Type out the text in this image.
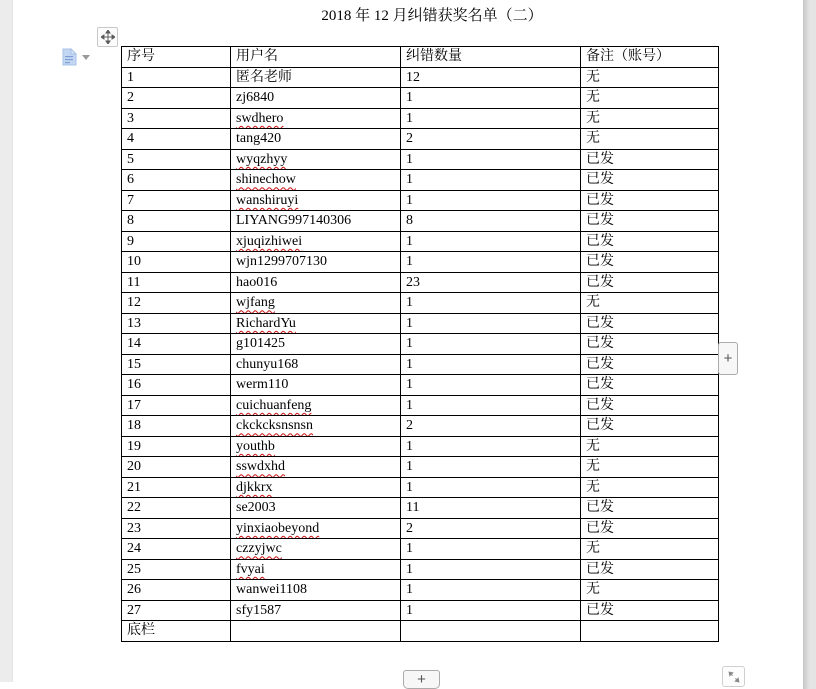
2018 年 12 月纠错获奖名单（二）
序号	用户名	纠错数量	备注（账号）
1	匿名老师	12	无
2	zj6840	1	无
3	swdhero	1	无
4	tang420	2	无
5	wyqzhyy	1	已发
6	shinechow	1	已发
7	wanshiruyi	1	已发
8	LIYANG997140306	8	已发
9	xjuqizhiwei	1	已发
10	wjn1299707130	1	已发
11	hao016	23	已发
12	wjfang	1	无
13	RichardYu	1	已发
14	g101425	1	已发
15	chunyu168	1	已发
16	werm110	1	已发
17	cuichuanfeng	1	已发
18	ckckcksnsnsn	2	已发
19	youthb	1	无
20	sswdxhd	1	无
21	djkkrx	1	无
22	se2003	11	已发
23	yinxiaobeyond	2	已发
24	czzyjwc	1	无
25	fvyai	1	已发
26	wanwei1108	1	无
27	sfy1587	1	已发
底栏			
+
+
